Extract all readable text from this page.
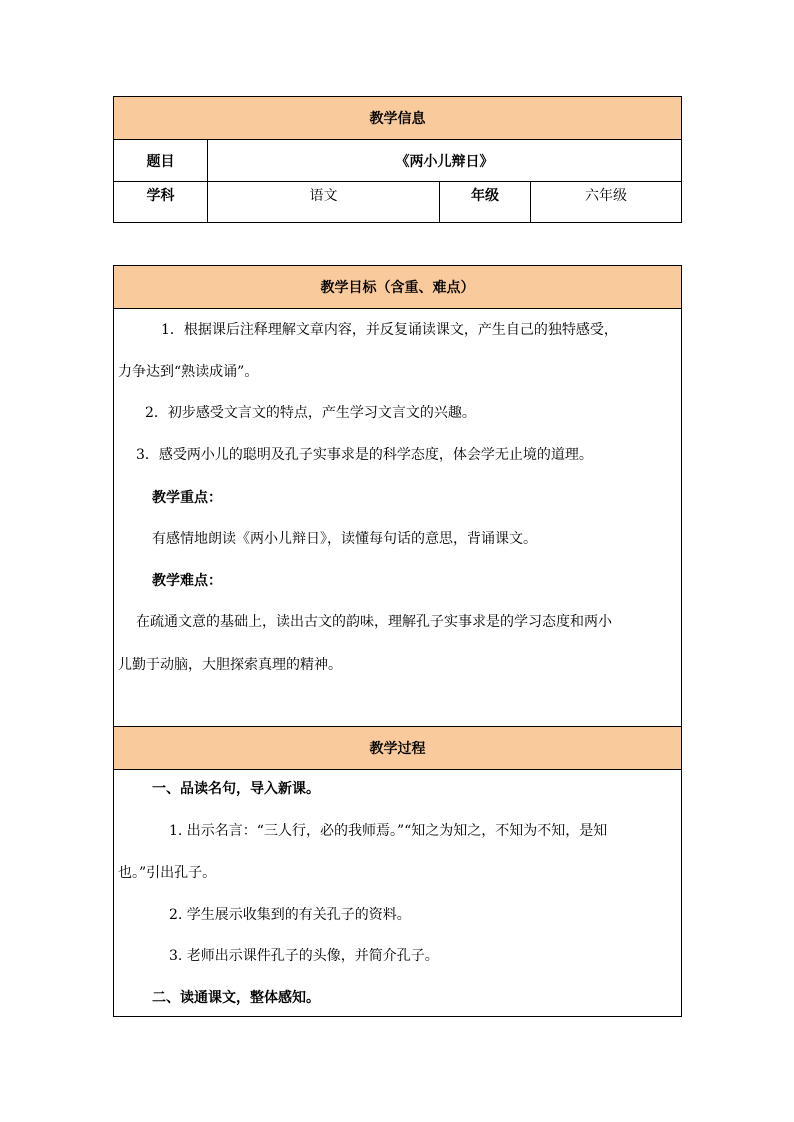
教学信息
题目	《两小儿辩日》
学科	语文	年级	六年级
教学目标（含重、难点）
教学过程
1．根据课后注释理解文章内容，并反复诵读课文，产生自己的独特感受，
力争达到“熟读成诵”。
2．初步感受文言文的特点，产生学习文言文的兴趣。
3．感受两小儿的聪明及孔子实事求是的科学态度，体会学无止境的道理。
教学重点：
有感情地朗读《两小儿辩日》，读懂每句话的意思，背诵课文。
教学难点：
在疏通文意的基础上，读出古文的韵味，理解孔子实事求是的学习态度和两小
儿勤于动脑，大胆探索真理的精神。
一、品读名句，导入新课。
1. 出示名言：“三人行，必的我师焉。”“知之为知之，不知为不知，是知
也。”引出孔子。
2. 学生展示收集到的有关孔子的资料。
3. 老师出示课件孔子的头像，并简介孔子。
二、读通课文，整体感知。
